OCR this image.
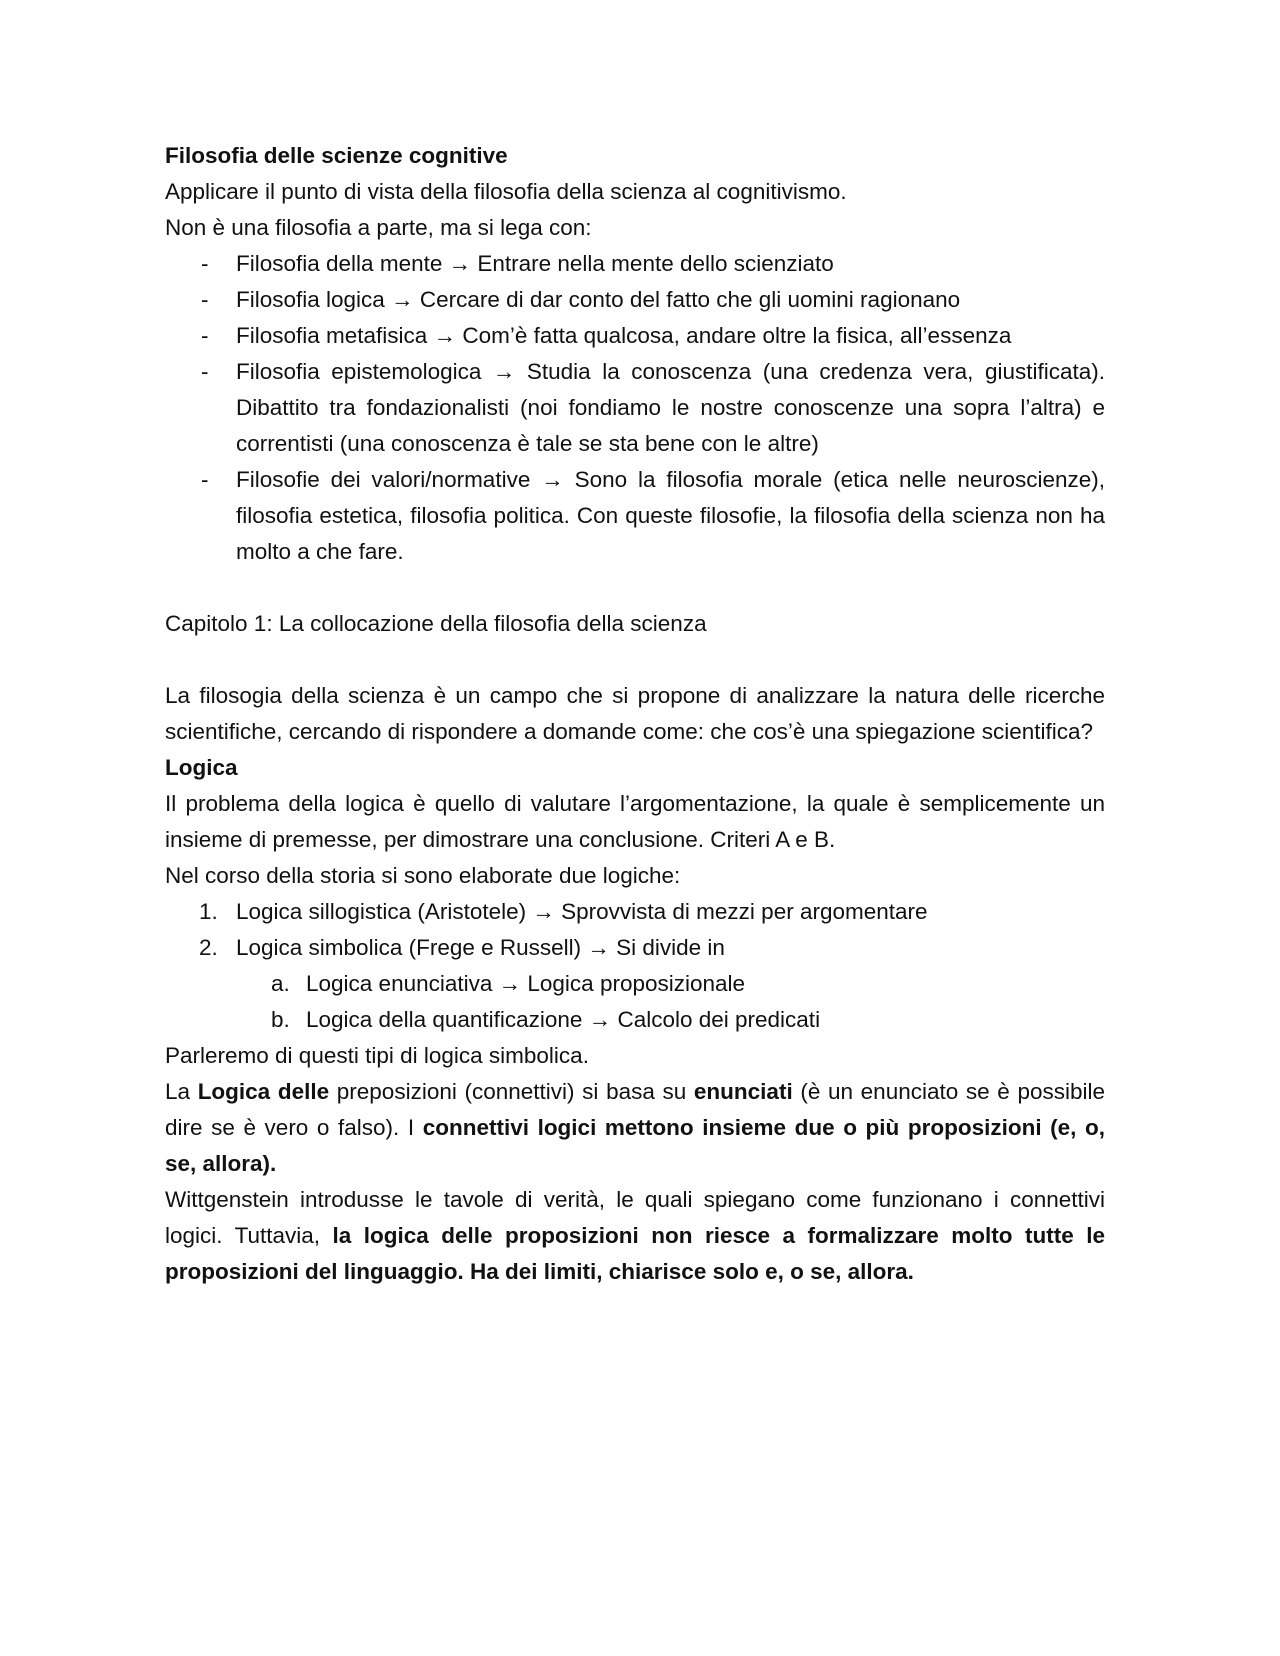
Filosofia delle scienze cognitive

Applicare il punto di vista della filosofia della scienza al cognitivismo.

Non è una filosofia a parte, ma si lega con:

- Filosofia della mente → Entrare nella mente dello scienziato
- Filosofia logica → Cercare di dar conto del fatto che gli uomini ragionano
- Filosofia metafisica → Com’è fatta qualcosa, andare oltre la fisica, all’essenza
- Filosofia epistemologica → Studia la conoscenza (una credenza vera, giustificata). Dibattito tra fondazionalisti (noi fondiamo le nostre conoscenze una sopra l’altra) e correntisti (una conoscenza è tale se sta bene con le altre)
- Filosofie dei valori/normative → Sono la filosofia morale (etica nelle neuroscienze), filosofia estetica, filosofia politica. Con queste filosofie, la filosofia della scienza non ha molto a che fare.

Capitolo 1: La collocazione della filosofia della scienza

La filosogia della scienza è un campo che si propone di analizzare la natura delle ricerche scientifiche, cercando di rispondere a domande come: che cos’è una spiegazione scientifica?

Logica

Il problema della logica è quello di valutare l’argomentazione, la quale è semplicemente un insieme di premesse, per dimostrare una conclusione. Criteri A e B.

Nel corso della storia si sono elaborate due logiche:

1. Logica sillogistica (Aristotele) → Sprovvista di mezzi per argomentare
2. Logica simbolica (Frege e Russell) → Si divide in
a. Logica enunciativa → Logica proposizionale
b. Logica della quantificazione → Calcolo dei predicati

Parleremo di questi tipi di logica simbolica.

La Logica delle preposizioni (connettivi) si basa su enunciati (è un enunciato se è possibile dire se è vero o falso). I connettivi logici mettono insieme due o più proposizioni (e, o, se, allora).

Wittgenstein introdusse le tavole di verità, le quali spiegano come funzionano i connettivi logici. Tuttavia, la logica delle proposizioni non riesce a formalizzare molto tutte le proposizioni del linguaggio. Ha dei limiti, chiarisce solo e, o se, allora.
